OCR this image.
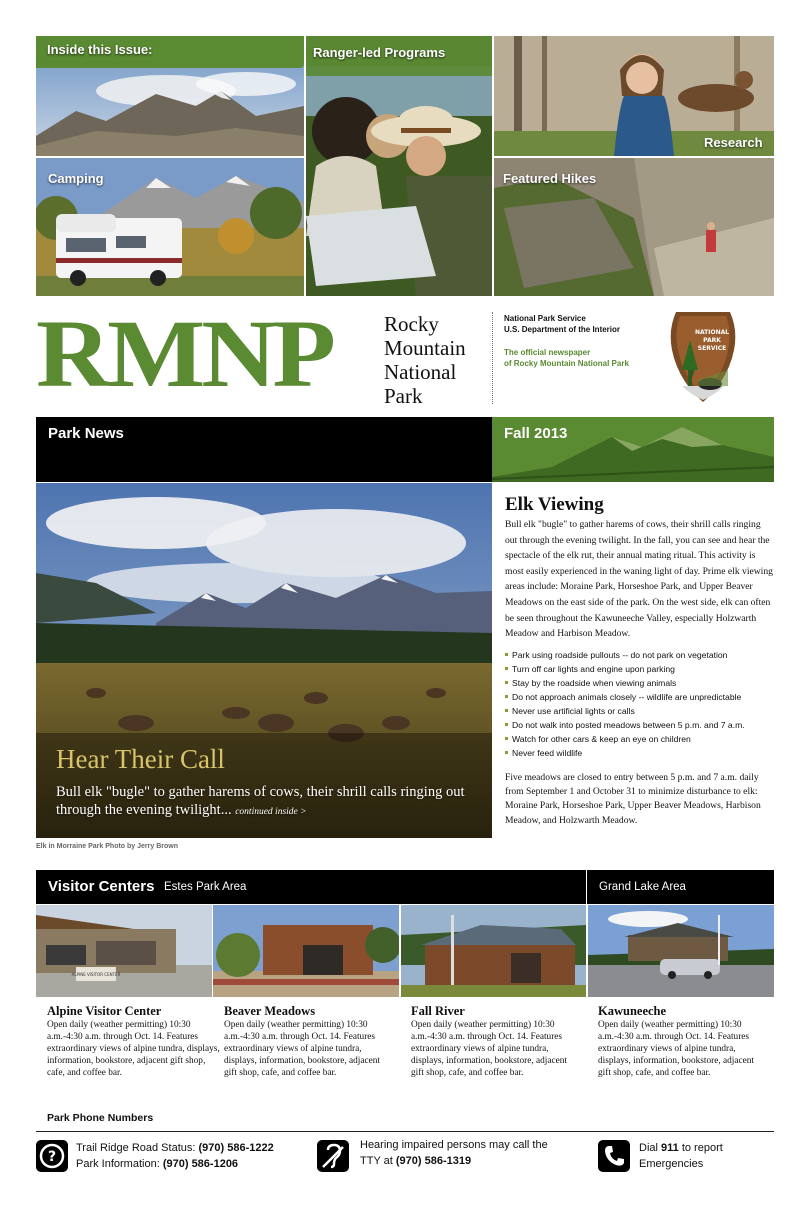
Inside this Issue:
Camping
Ranger-led Programs
Research
Featured Hikes
RMNP Rocky
Mountain
National
Park
National Park Service
U.S. Department of the Interior
The official newspaper
of Rocky Mountain National Park
NATIONAL
PARK
SERVICE
Park News	Fall 2013
Hear Their Call
Bull elk "bugle" to gather harems of cows, their shrill calls ringing out through the evening twilight... continued inside >
Elk in Morraine Park Photo by Jerry Brown
Elk Viewing
Bull elk "bugle" to gather harems of cows, their shrill calls ringing out through the evening twilight. In the fall, you can see and hear the spectacle of the elk rut, their annual mating ritual. This activity is most easily experienced in the waning light of day. Prime elk viewing areas include: Moraine Park, Horseshoe Park, and Upper Beaver Meadows on the east side of the park. On the west side, elk can often be seen throughout the Kawuneeche Valley, especially Holzwarth Meadow and Harbison Meadow.
Park using roadside pullouts -- do not park on vegetation
Turn off car lights and engine upon parking
Stay by the roadside when viewing animals
Do not approach animals closely -- wildlife are unpredictable
Never use artificial lights or calls
Do not walk into posted meadows between 5 p.m. and 7 a.m.
Watch for other cars & keep an eye on children
Never feed wildlife
Five meadows are closed to entry between 5 p.m. and 7 a.m. daily from September 1 and October 31 to minimize disturbance to elk: Moraine Park, Horseshoe Park, Upper Beaver Meadows, Harbison Meadow, and Holzwarth Meadow.
Visitor Centers Estes Park Area	Grand Lake Area
ALPINE VISITOR CENTER
Alpine Visitor Center
Open daily (weather permitting) 10:30 a.m.-4:30 a.m. through Oct. 14. Features extraordinary views of alpine tundra, displays, information, bookstore, adjacent gift shop, cafe, and coffee bar.
Beaver Meadows
Open daily (weather permitting) 10:30 a.m.-4:30 a.m. through Oct. 14. Features extraordinary views of alpine tundra, displays, information, bookstore, adjacent gift shop, cafe, and coffee bar.
Fall River
Open daily (weather permitting) 10:30 a.m.-4:30 a.m. through Oct. 14. Features extraordinary views of alpine tundra, displays, information, bookstore, adjacent gift shop, cafe, and coffee bar.
Kawuneeche
Open daily (weather permitting) 10:30 a.m.-4:30 a.m. through Oct. 14. Features extraordinary views of alpine tundra, displays, information, bookstore, adjacent gift shop, cafe, and coffee bar.
Park Phone Numbers
?
Trail Ridge Road Status: (970) 586-1222
Park Information: (970) 586-1206
Hearing impaired persons may call the
TTY at (970) 586-1319
Dial 911 to report
Emergencies
